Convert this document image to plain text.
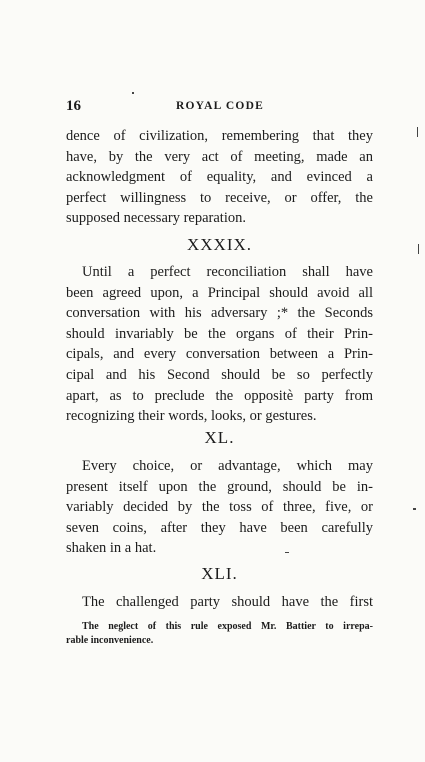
16	ROYAL CODE

dence of civilization, remembering that they
have, by the very act of meeting, made an
acknowledgment of equality, and evinced a
perfect willingness to receive, or offer, the
supposed necessary reparation.

XXXIX.

Until a perfect reconciliation shall have
been agreed upon, a Principal should avoid all
conversation with his adversary ;* the Seconds
should invariably be the organs of their Prin-
cipals, and every conversation between a Prin-
cipal and his Second should be so perfectly
apart, as to preclude the oppositè party from
recognizing their words, looks, or gestures.

XL.

Every choice, or advantage, which may
present itself upon the ground, should be in-
variably decided by the toss of three, five, or
seven coins, after they have been carefully
shaken in a hat.

XLI.

The challenged party should have the first

The neglect of this rule exposed Mr. Battier to irrepa-
rable inconvenience.
